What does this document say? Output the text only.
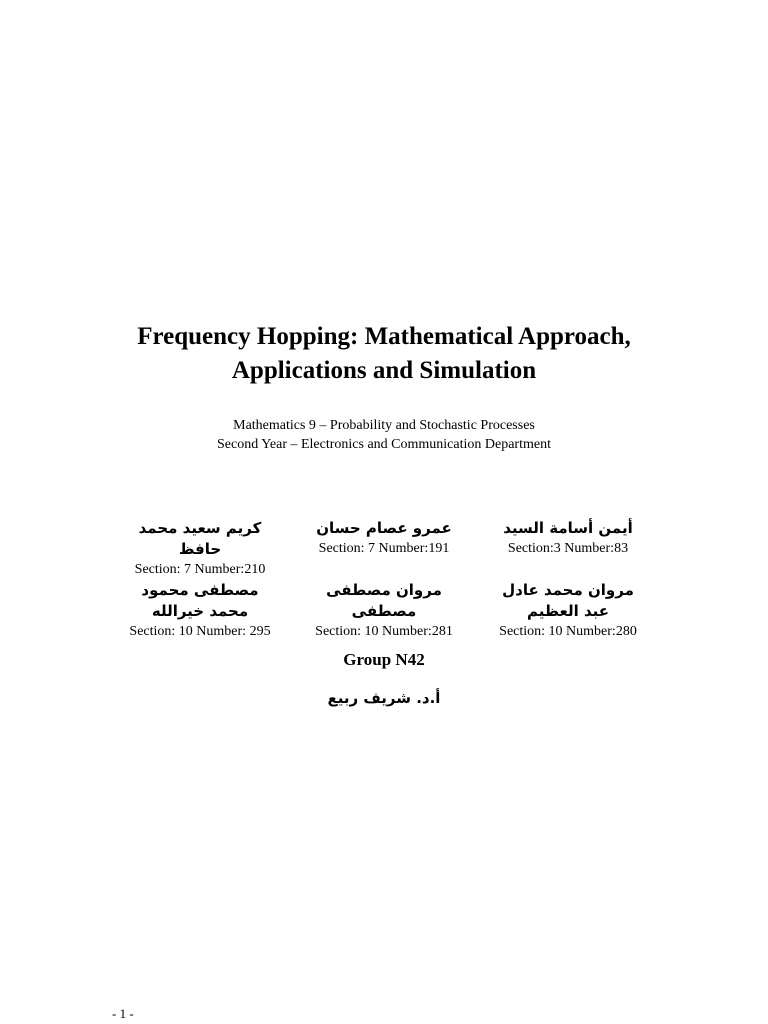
Frequency Hopping: Mathematical Approach,
Applications and Simulation
Mathematics 9 – Probability and Stochastic Processes
Second Year – Electronics and Communication Department
كريم سعيد محمد حافظ
Section: 7 Number:210
عمرو عصام حسان
Section: 7 Number:191
أيمن أسامة السيد
Section:3 Number:83
مصطفى محمود محمد خيرالله
Section: 10 Number: 295
مروان مصطفى مصطفى
Section: 10 Number:281
مروان محمد عادل عبد العظيم
Section: 10 Number:280
Group N42
أ.د. شريف ربيع
- 1 -
